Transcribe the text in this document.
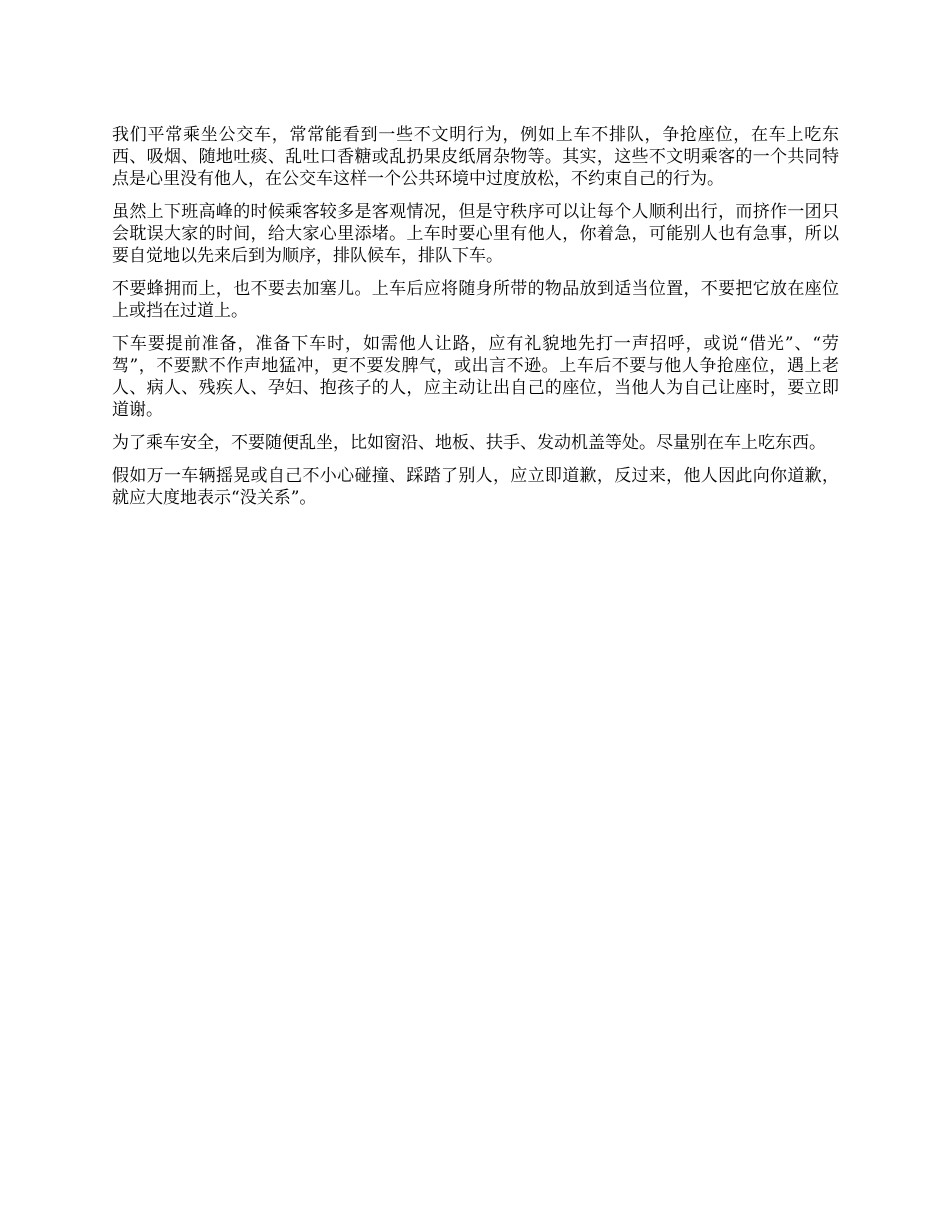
我们平常乘坐公交车，常常能看到一些不文明行为，例如上车不排队，争抢座位，在车上吃东西、吸烟、随地吐痰、乱吐口香糖或乱扔果皮纸屑杂物等。其实，这些不文明乘客的一个共同特点是心里没有他人，在公交车这样一个公共环境中过度放松，不约束自己的行为。

虽然上下班高峰的时候乘客较多是客观情况，但是守秩序可以让每个人顺利出行，而挤作一团只会耽误大家的时间，给大家心里添堵。上车时要心里有他人，你着急，可能别人也有急事，所以要自觉地以先来后到为顺序，排队候车，排队下车。

不要蜂拥而上，也不要去加塞儿。上车后应将随身所带的物品放到适当位置，不要把它放在座位上或挡在过道上。

下车要提前准备，准备下车时，如需他人让路，应有礼貌地先打一声招呼，或说“借光”、“劳驾”，不要默不作声地猛冲，更不要发脾气，或出言不逊。上车后不要与他人争抢座位，遇上老人、病人、残疾人、孕妇、抱孩子的人，应主动让出自己的座位，当他人为自己让座时，要立即道谢。

为了乘车安全，不要随便乱坐，比如窗沿、地板、扶手、发动机盖等处。尽量别在车上吃东西。

假如万一车辆摇晃或自己不小心碰撞、踩踏了别人，应立即道歉，反过来，他人因此向你道歉，就应大度地表示“没关系”。
